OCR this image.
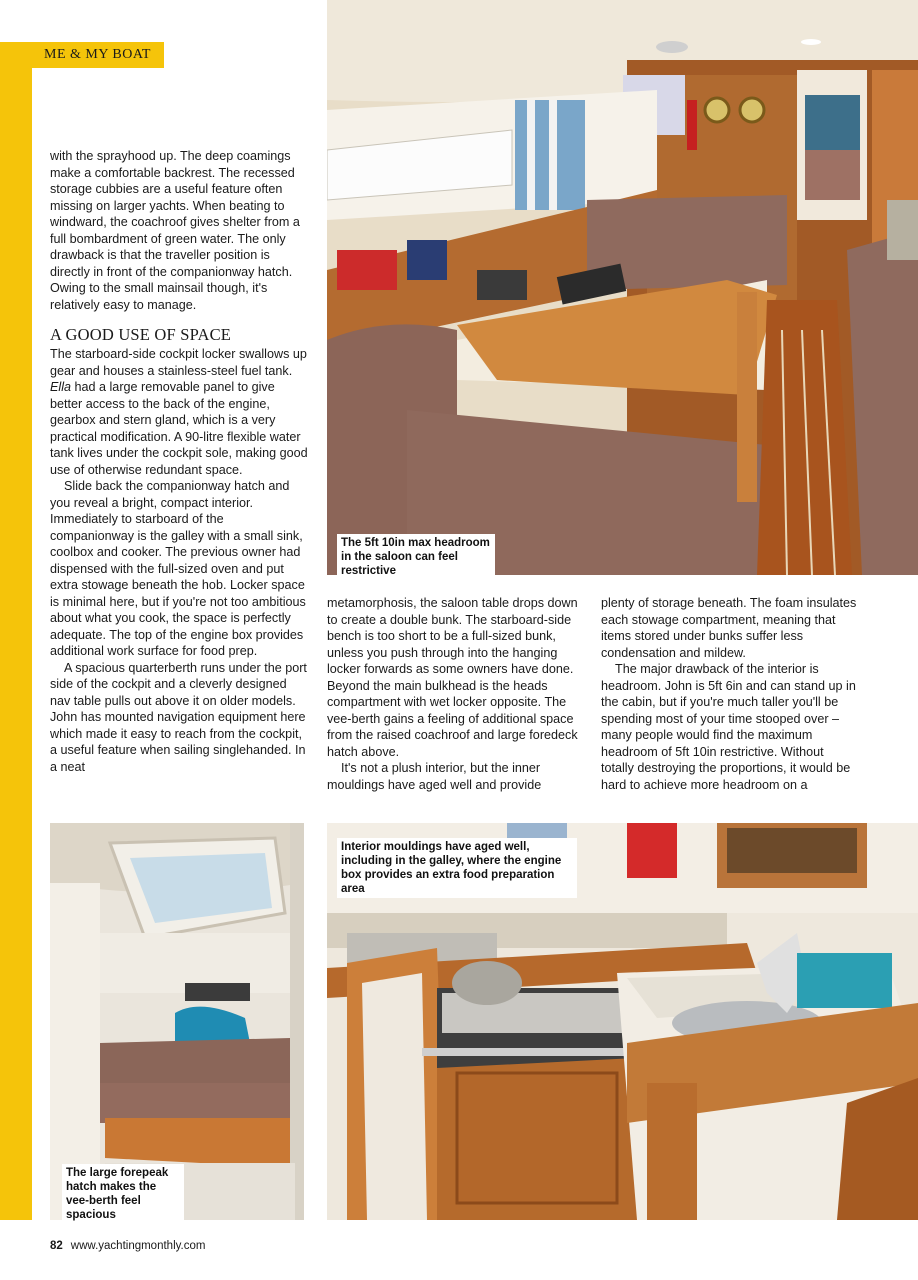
ME & MY BOAT
The 5ft 10in max headroom in the saloon can feel restrictive

with the sprayhood up. The deep coamings make a comfortable backrest. The recessed storage cubbies are a useful feature often missing on larger yachts. When beating to windward, the coachroof gives shelter from a full bombardment of green water. The only drawback is that the traveller position is directly in front of the companionway hatch. Owing to the small mainsail though, it's relatively easy to manage.

A GOOD USE OF SPACE

The starboard-side cockpit locker swallows up gear and houses a stainless-steel fuel tank. Ella had a large removable panel to give better access to the back of the engine, gearbox and stern gland, which is a very practical modification. A 90-litre flexible water tank lives under the cockpit sole, making good use of otherwise redundant space.

Slide back the companionway hatch and you reveal a bright, compact interior. Immediately to starboard of the companionway is the galley with a small sink, coolbox and cooker. The previous owner had dispensed with the full-sized oven and put extra stowage beneath the hob. Locker space is minimal here, but if you're not too ambitious about what you cook, the space is perfectly adequate. The top of the engine box provides additional work surface for food prep.

A spacious quarterberth runs under the port side of the cockpit and a cleverly designed nav table pulls out above it on older models. John has mounted navigation equipment here which made it easy to reach from the cockpit, a useful feature when sailing singlehanded. In a neat

metamorphosis, the saloon table drops down to create a double bunk. The starboard-side bench is too short to be a full-sized bunk, unless you push through into the hanging locker forwards as some owners have done. Beyond the main bulkhead is the heads compartment with wet locker opposite. The vee-berth gains a feeling of additional space from the raised coachroof and large foredeck hatch above.

It's not a plush interior, but the inner mouldings have aged well and provide

plenty of storage beneath. The foam insulates each stowage compartment, meaning that items stored under bunks suffer less condensation and mildew.

The major drawback of the interior is headroom. John is 5ft 6in and can stand up in the cabin, but if you're much taller you'll be spending most of your time stooped over – many people would find the maximum headroom of 5ft 10in restrictive. Without totally destroying the proportions, it would be hard to achieve more headroom on a

The large forepeak hatch makes the vee-berth feel spacious
Interior mouldings have aged well, including in the galley, where the engine box provides an extra food preparation area
82 www.yachtingmonthly.com
